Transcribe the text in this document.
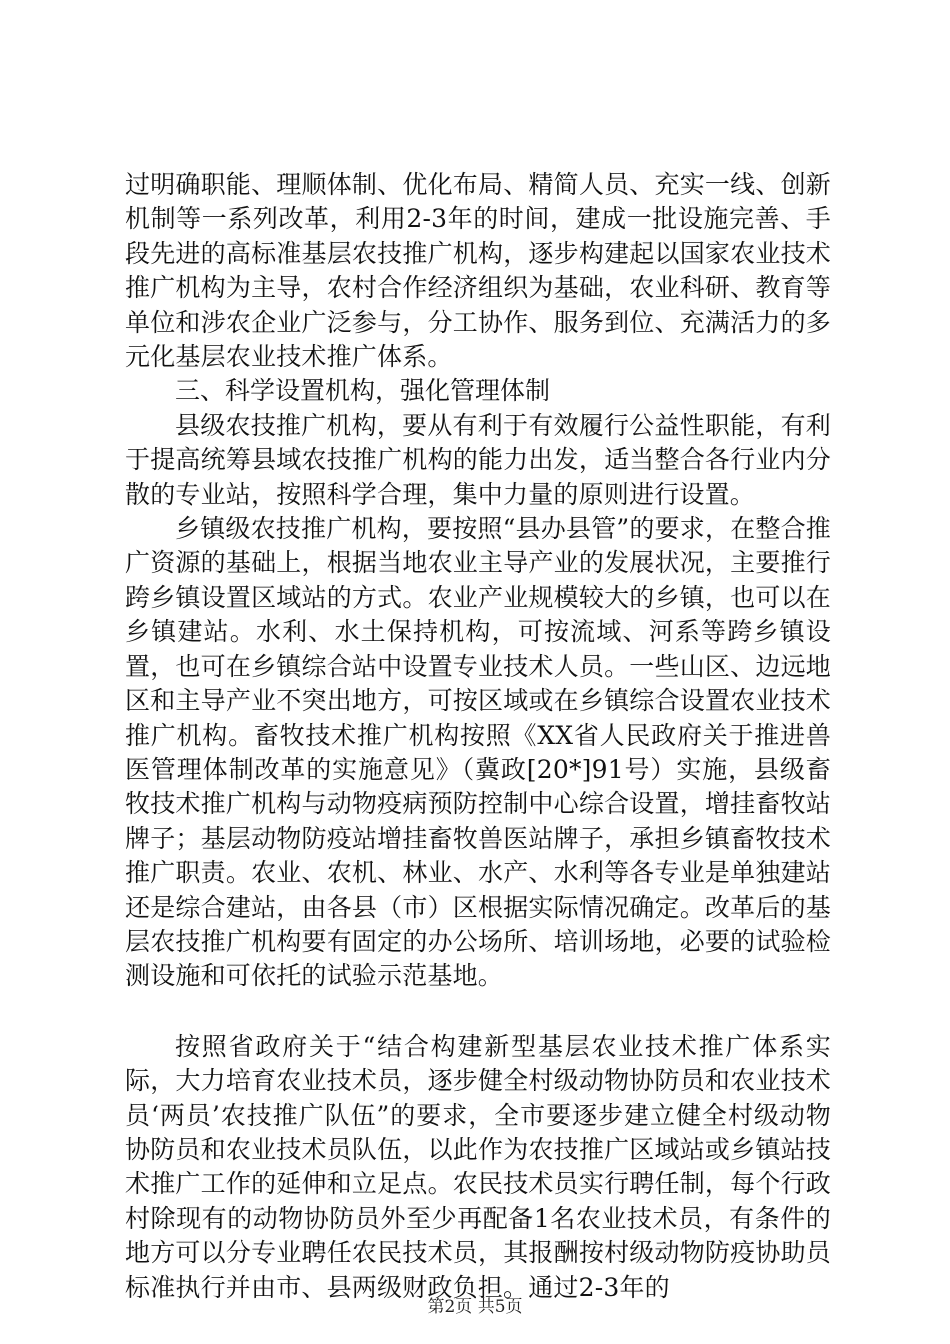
过明确职能、理顺体制、优化布局、精简人员、充实一线、创新机制等一系列改革，利用2-3年的时间，建成一批设施完善、手段先进的高标准基层农技推广机构，逐步构建起以国家农业技术推广机构为主导，农村合作经济组织为基础，农业科研、教育等单位和涉农企业广泛参与，分工协作、服务到位、充满活力的多元化基层农业技术推广体系。

三、科学设置机构，强化管理体制

县级农技推广机构，要从有利于有效履行公益性职能，有利于提高统筹县域农技推广机构的能力出发，适当整合各行业内分散的专业站，按照科学合理，集中力量的原则进行设置。

乡镇级农技推广机构，要按照“县办县管”的要求，在整合推广资源的基础上，根据当地农业主导产业的发展状况，主要推行跨乡镇设置区域站的方式。农业产业规模较大的乡镇，也可以在乡镇建站。水利、水土保持机构，可按流域、河系等跨乡镇设置，也可在乡镇综合站中设置专业技术人员。一些山区、边远地区和主导产业不突出地方，可按区域或在乡镇综合设置农业技术推广机构。畜牧技术推广机构按照《XX省人民政府关于推进兽医管理体制改革的实施意见》（冀政[20*]91号）实施，县级畜牧技术推广机构与动物疫病预防控制中心综合设置，增挂畜牧站牌子；基层动物防疫站增挂畜牧兽医站牌子，承担乡镇畜牧技术推广职责。农业、农机、林业、水产、水利等各专业是单独建站还是综合建站，由各县（市）区根据实际情况确定。改革后的基层农技推广机构要有固定的办公场所、培训场地，必要的试验检测设施和可依托的试验示范基地。

按照省政府关于“结合构建新型基层农业技术推广体系实际，大力培育农业技术员，逐步健全村级动物协防员和农业技术员‘两员’农技推广队伍”的要求，全市要逐步建立健全村级动物协防员和农业技术员队伍，以此作为农技推广区域站或乡镇站技术推广工作的延伸和立足点。农民技术员实行聘任制，每个行政村除现有的动物协防员外至少再配备1名农业技术员，有条件的地方可以分专业聘任农民技术员，其报酬按村级动物防疫协助员标准执行并由市、县两级财政负担。通过2-3年的

第2页 共5页
